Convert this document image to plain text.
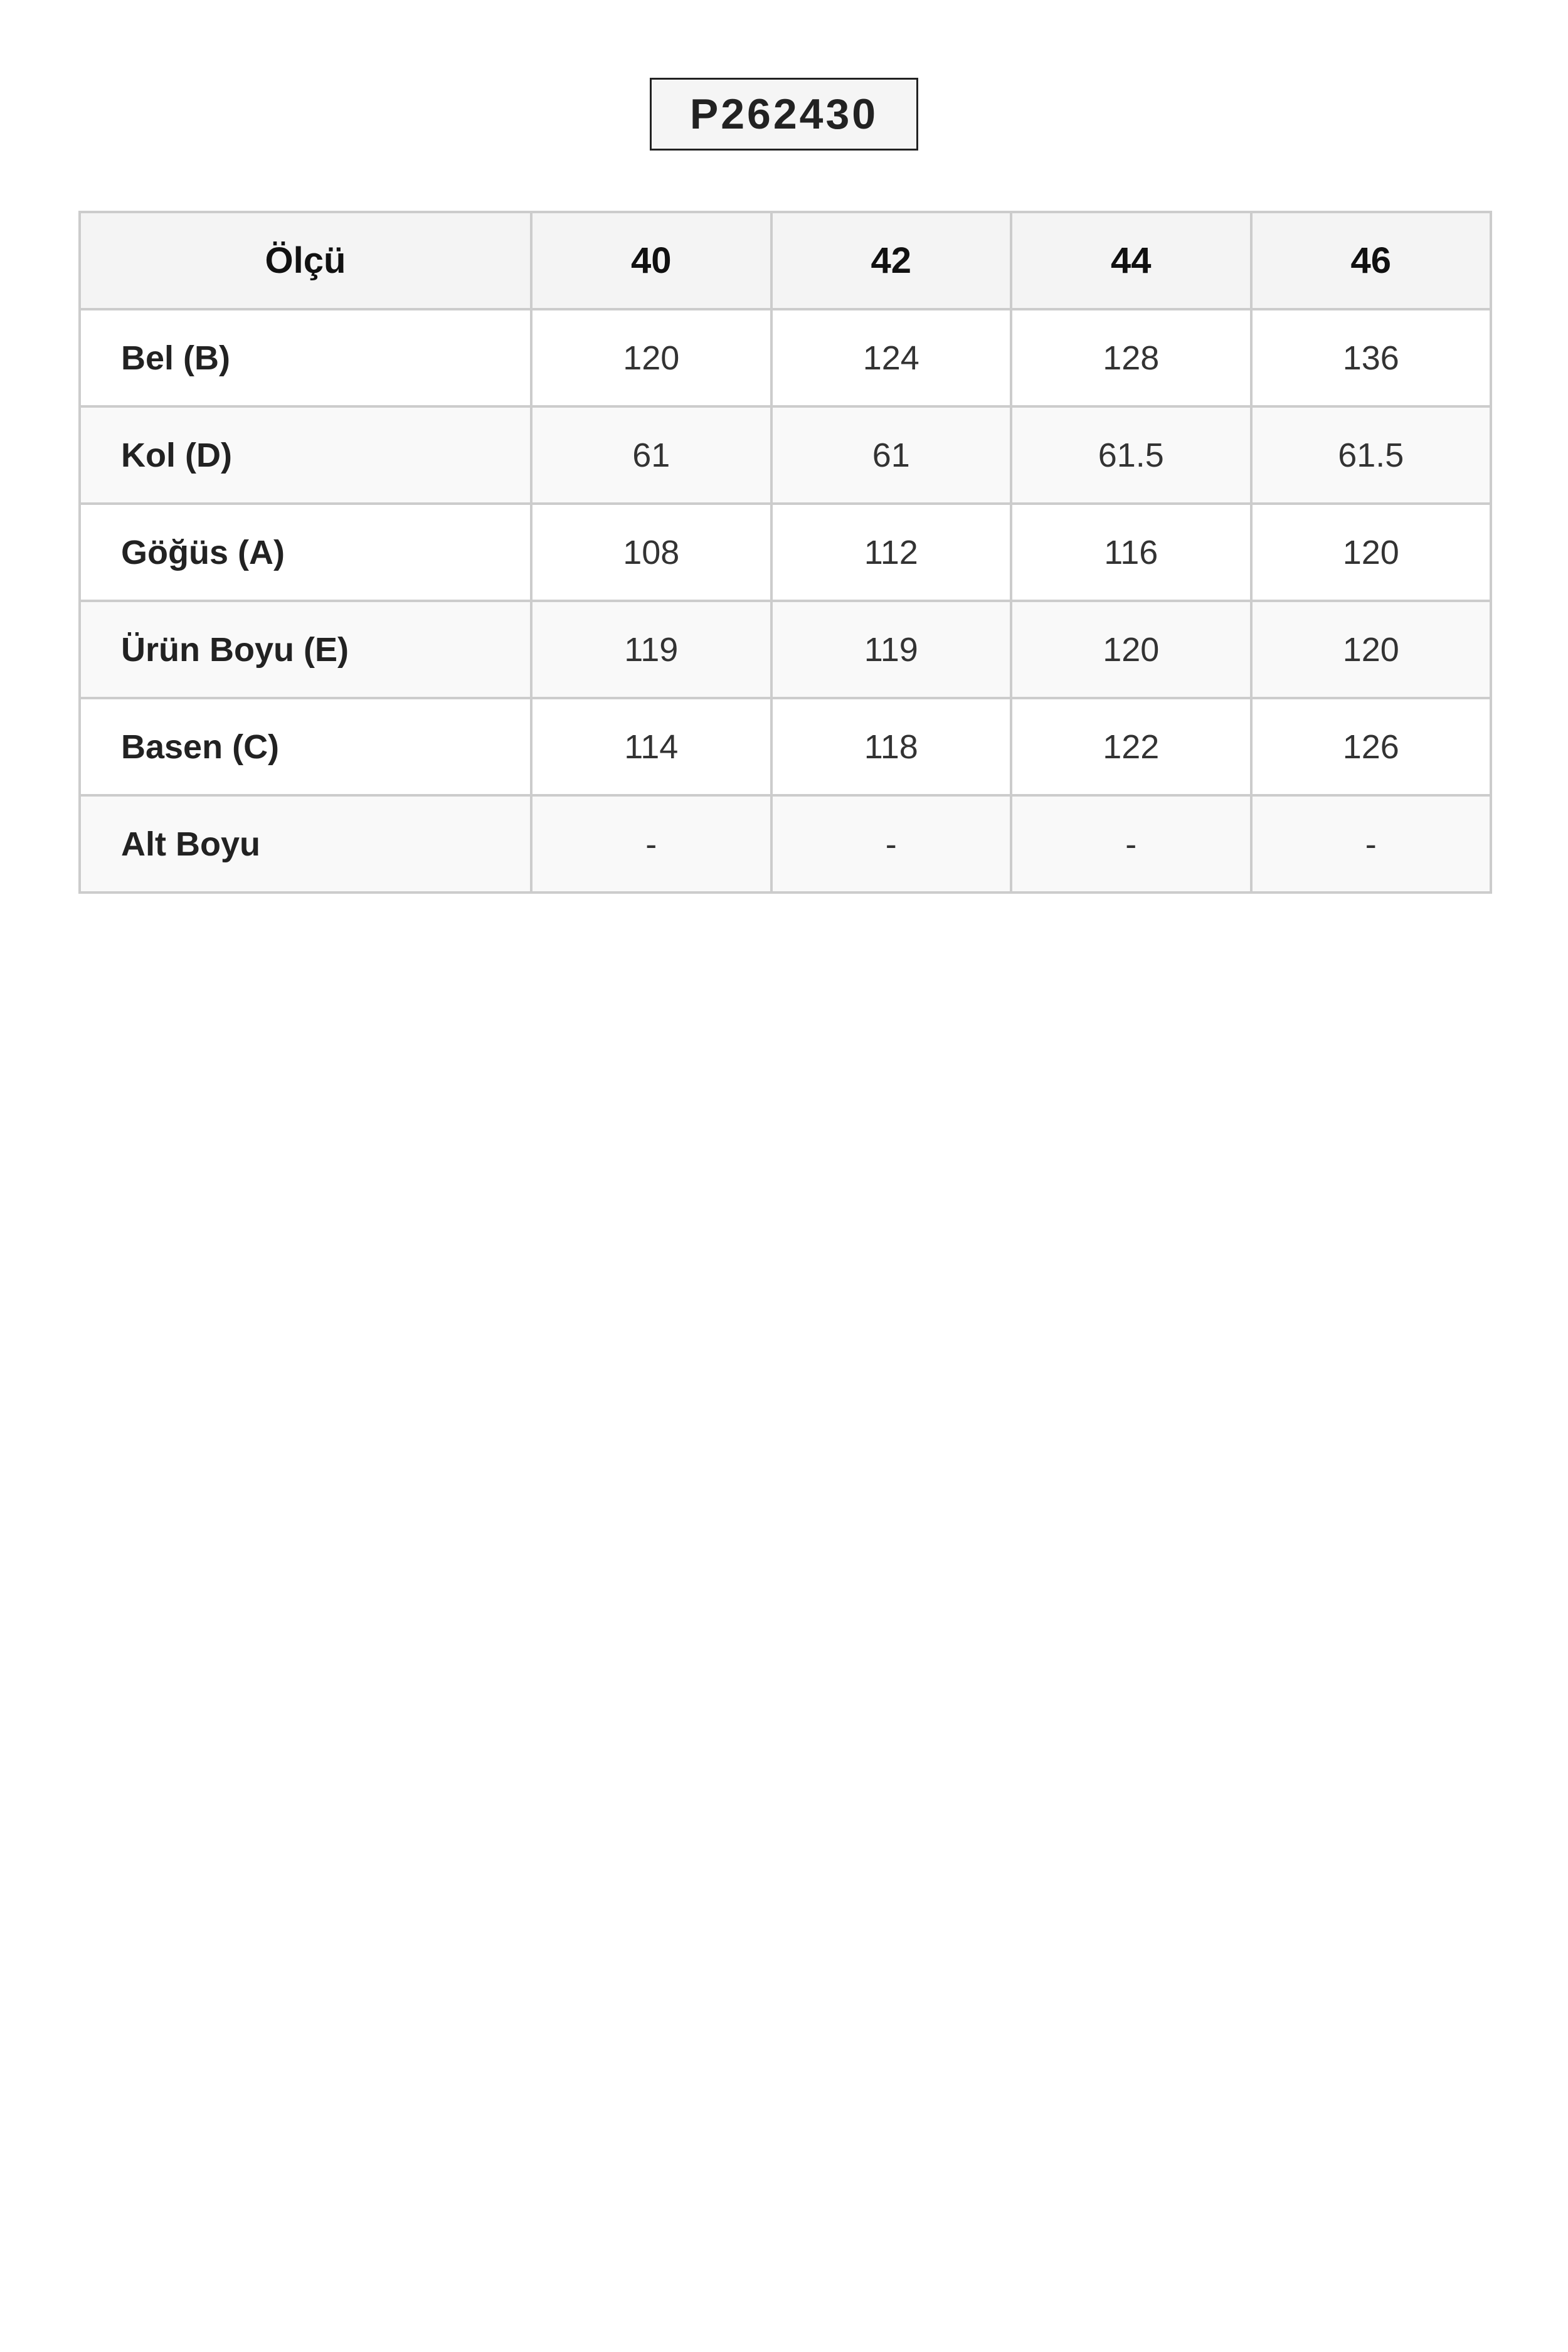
P262430
Ölçü	40	42	44	46
Bel (B)	120	124	128	136
Kol (D)	61	61	61.5	61.5
Göğüs (A)	108	112	116	120
Ürün Boyu (E)	119	119	120	120
Basen (C)	114	118	122	126
Alt Boyu	-	-	-	-
